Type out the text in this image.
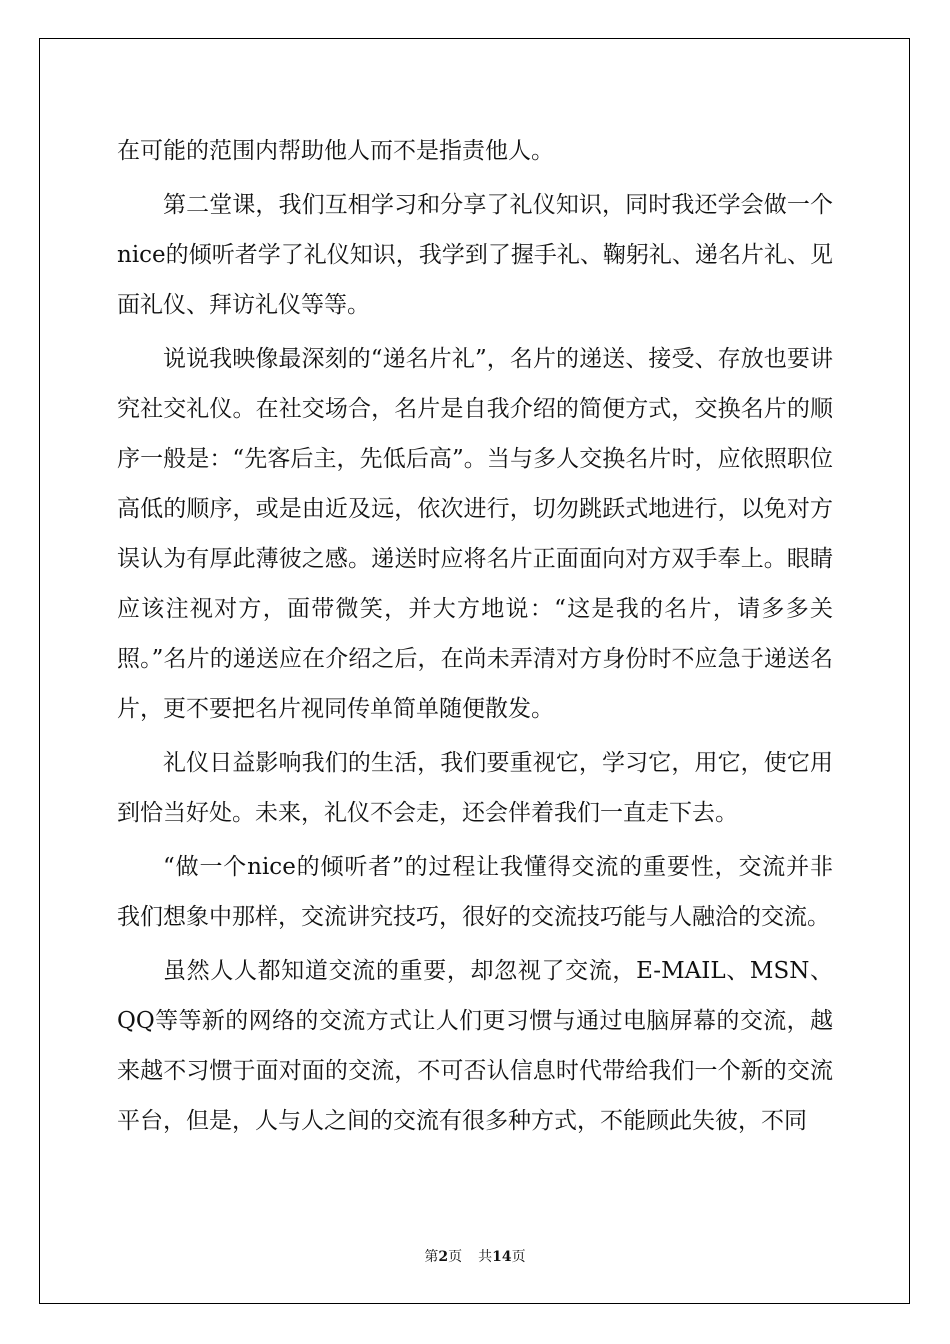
在可能的范围内帮助他人而不是指责他人。

第二堂课，我们互相学习和分享了礼仪知识，同时我还学会做一个nice的倾听者学了礼仪知识，我学到了握手礼、鞠躬礼、递名片礼、见面礼仪、拜访礼仪等等。

说说我映像最深刻的“递名片礼”，名片的递送、接受、存放也要讲究社交礼仪。在社交场合，名片是自我介绍的简便方式，交换名片的顺序一般是：“先客后主，先低后高”。当与多人交换名片时，应依照职位高低的顺序，或是由近及远，依次进行，切勿跳跃式地进行，以免对方误认为有厚此薄彼之感。递送时应将名片正面面向对方双手奉上。眼睛应该注视对方，面带微笑，并大方地说：“这是我的名片，请多多关照。”名片的递送应在介绍之后，在尚未弄清对方身份时不应急于递送名片，更不要把名片视同传单简单随便散发。

礼仪日益影响我们的生活，我们要重视它，学习它，用它，使它用到恰当好处。未来，礼仪不会走，还会伴着我们一直走下去。

“做一个nice的倾听者”的过程让我懂得交流的重要性，交流并非我们想象中那样，交流讲究技巧，很好的交流技巧能与人融洽的交流。

虽然人人都知道交流的重要，却忽视了交流，E-MAIL、MSN、QQ等等新的网络的交流方式让人们更习惯与通过电脑屏幕的交流，越来越不习惯于面对面的交流，不可否认信息时代带给我们一个新的交流平台，但是，人与人之间的交流有很多种方式，不能顾此失彼，不同

第2页 共14页
